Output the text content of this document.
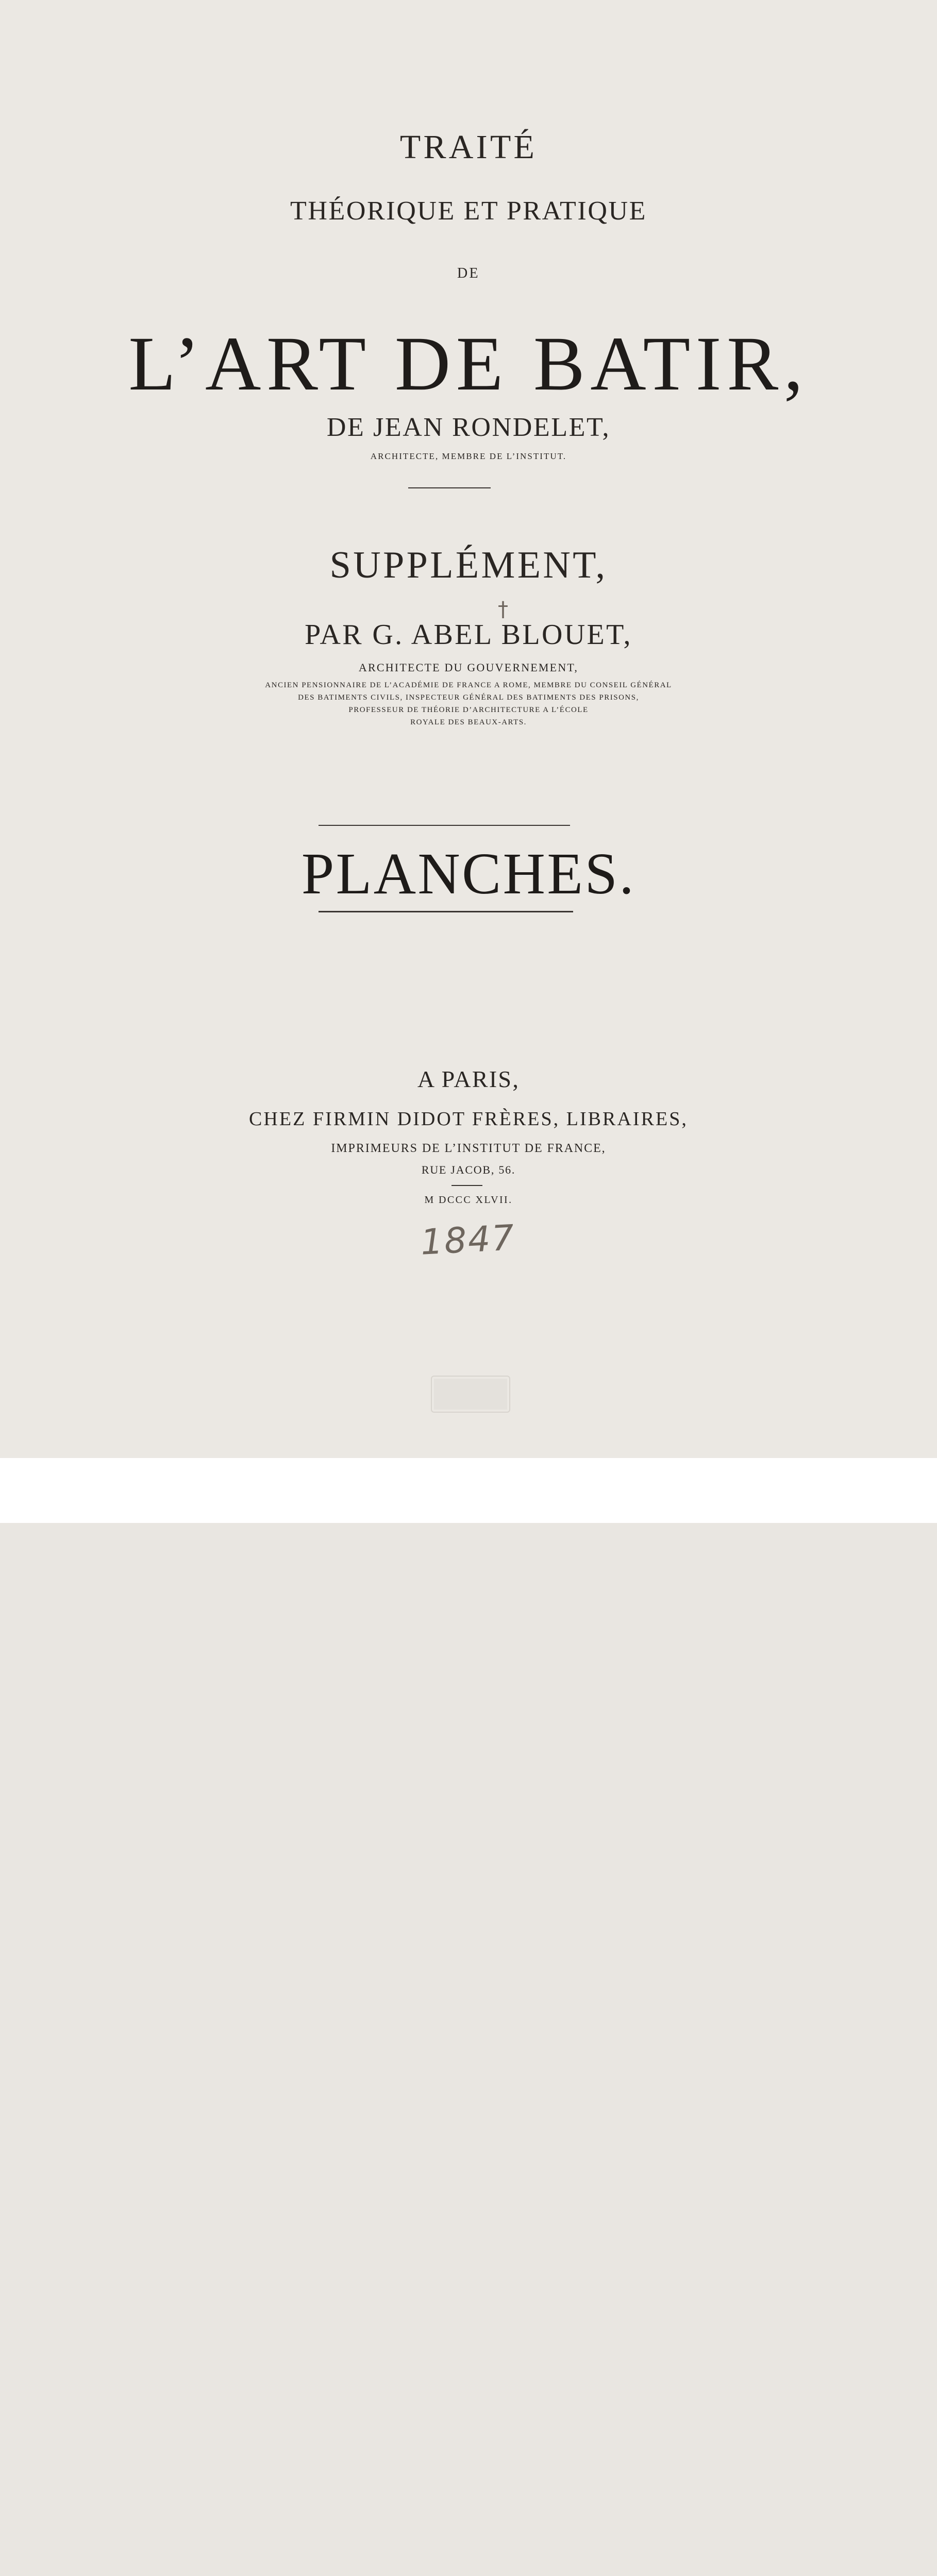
TRAITÉ
THÉORIQUE ET PRATIQUE
DE
L’ART DE BATIR,
DE JEAN RONDELET,
ARCHITECTE, MEMBRE DE L’INSTITUT.
SUPPLÉMENT,
†
PAR G. ABEL BLOUET,
ARCHITECTE DU GOUVERNEMENT,
ANCIEN PENSIONNAIRE DE L’ACADÉMIE DE FRANCE A ROME, MEMBRE DU CONSEIL GÉNÉRAL
DES BATIMENTS CIVILS, INSPECTEUR GÉNÉRAL DES BATIMENTS DES PRISONS,
PROFESSEUR DE THÉORIE D’ARCHITECTURE A L’ÉCOLE
ROYALE DES BEAUX-ARTS.
PLANCHES.
A PARIS,
CHEZ FIRMIN DIDOT FRÈRES, LIBRAIRES,
IMPRIMEURS DE L’INSTITUT DE FRANCE,
RUE JACOB, 56.
M DCCC XLVII.
1847
